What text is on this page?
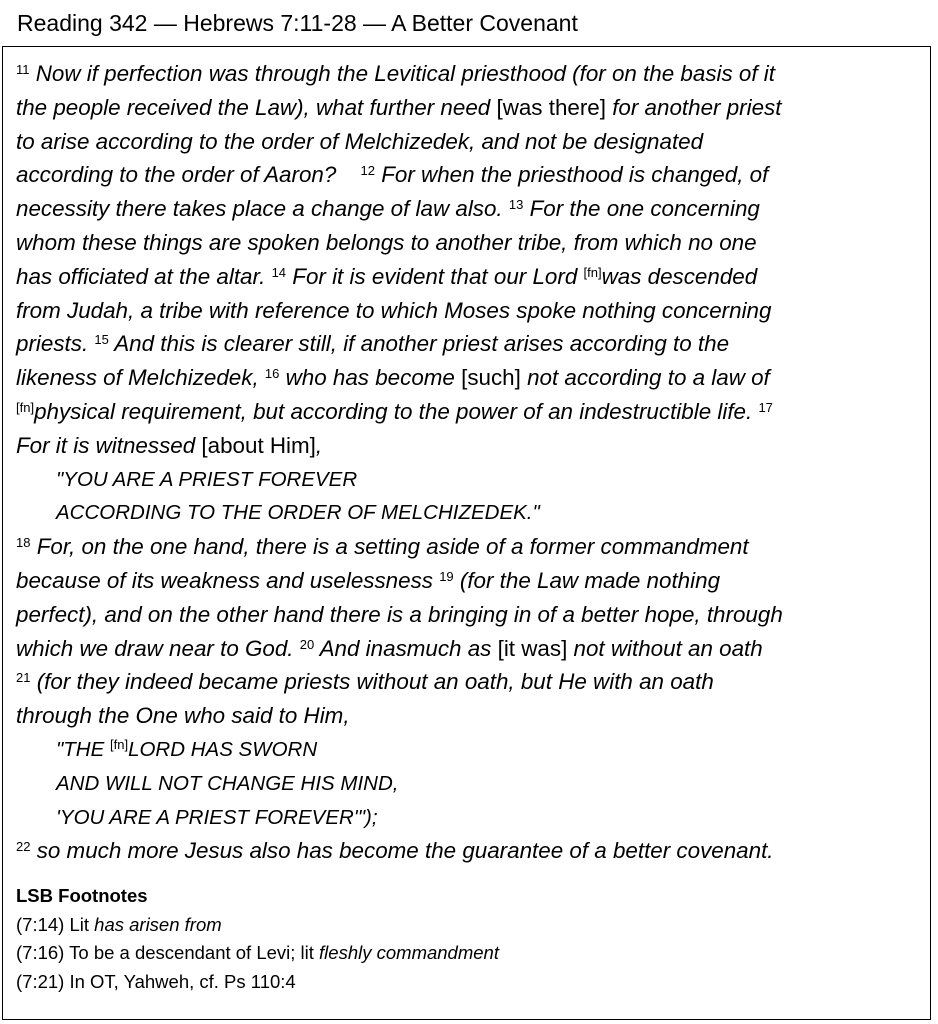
Reading 342 — Hebrews 7:11-28 — A Better Covenant
$^{11}$ Now if perfection was through the Levitical priesthood (for on the basis of it
the people received the Law), what further need [was there] for another priest
to arise according to the order of Melchizedek, and not be designated
according to the order of Aaron? $^{12}$ For when the priesthood is changed, of
necessity there takes place a change of law also. $^{13}$ For the one concerning
whom these things are spoken belongs to another tribe, from which no one
has officiated at the altar. $^{14}$ For it is evident that our Lord [fn]was descended
from Judah, a tribe with reference to which Moses spoke nothing concerning
priests. $^{15}$ And this is clearer still, if another priest arises according to the
likeness of Melchizedek, $^{16}$ who has become [such] not according to a law of
[fn]physical requirement, but according to the power of an indestructible life. $^{17}$
For it is witnessed [about Him],
"YOU ARE A PRIEST FOREVER
ACCORDING TO THE ORDER OF MELCHIZEDEK."
$^{18}$ For, on the one hand, there is a setting aside of a former commandment
because of its weakness and uselessness $^{19}$ (for the Law made nothing
perfect), and on the other hand there is a bringing in of a better hope, through
which we draw near to God. $^{20}$ And inasmuch as [it was] not without an oath
$^{21}$ (for they indeed became priests without an oath, but He with an oath
through the One who said to Him,
"THE [fn]LORD HAS SWORN
AND WILL NOT CHANGE HIS MIND,
'YOU ARE A PRIEST FOREVER'");
$^{22}$ so much more Jesus also has become the guarantee of a better covenant.
LSB Footnotes
(7:14) Lit has arisen from
(7:16) To be a descendant of Levi; lit fleshly commandment
(7:21) In OT, Yahweh, cf. Ps 110:4
